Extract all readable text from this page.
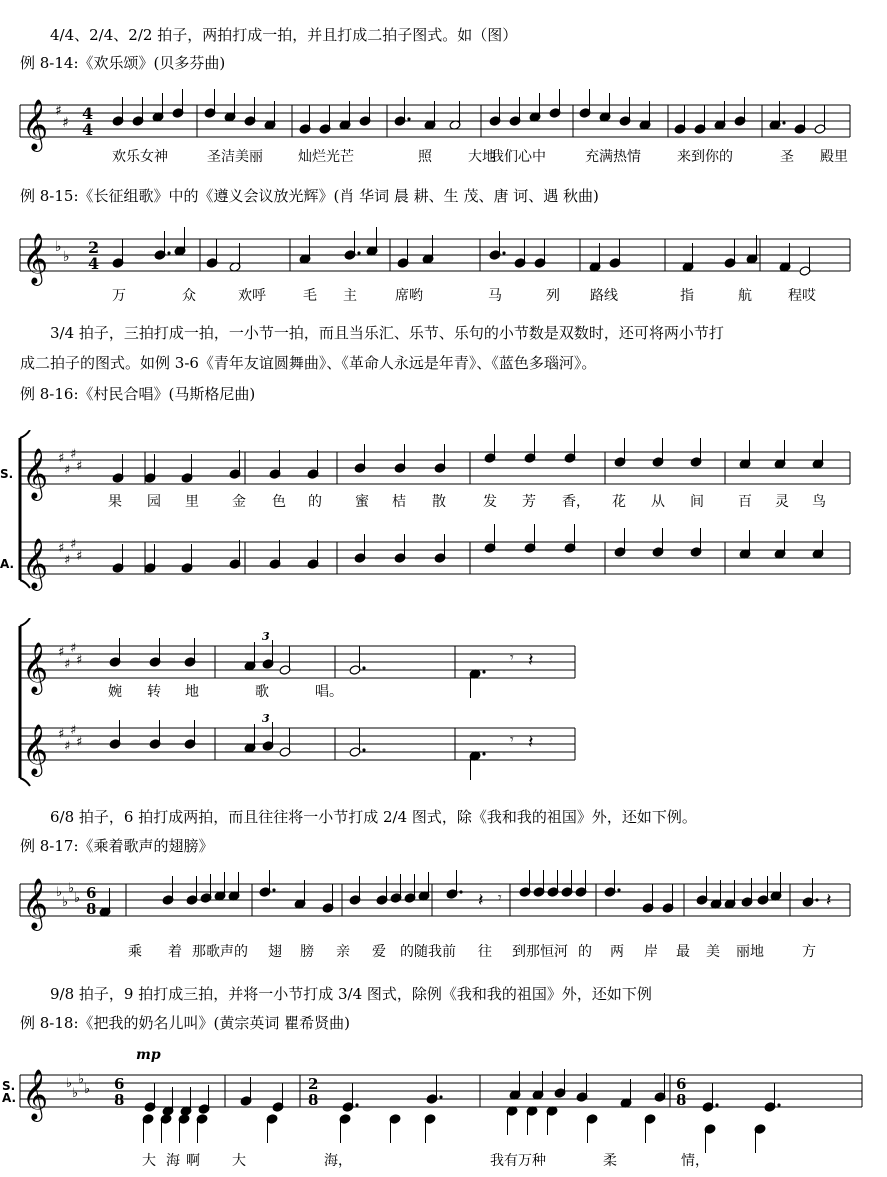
4/4、2/4、2/2 拍子，两拍打成一拍，并且打成二拍子图式。如（图）
例 8-14:《欢乐颂》(贝多芬曲)
𝄞 ♯
♯ 4
4
欢乐女神	圣洁美丽	灿烂光芒	照	大地
我们心中	充满热情	来到你的	圣 殿里
例 8-15:《长征组歌》中的《遵义会议放光辉》(肖 华词 晨 耕、生 茂、唐 诃、遇 秋曲)
𝄞 ♭
♭ 2
4
万	众	欢呼	毛 主	席哟	马	列 路线	指	航	程哎
3/4 拍子，三拍打成一拍，一小节一拍，而且当乐汇、乐节、乐句的小节数是双数时，还可将两小节打
成二拍子的图式。如例 3-6《青年友谊圆舞曲》、《革命人永远是年青》、《蓝色多瑙河》。
例 8-16:《村民合唱》(马斯格尼曲)
S.
A.
𝄞 ♯
♯
♯
♯
𝄞 ♯
♯
♯
♯
果 园 里 金 色 的 蜜 桔 散	发 芳 香， 花 从 间 百 灵 鸟
3
3
𝄞 ♯
♯
♯
♯
𝄞 ♯
♯
♯
♯
𝄾 𝄽
𝄾 𝄽
婉 转 地	歌	唱。
6/8 拍子，6 拍打成两拍，而且往往将一小节打成 2/4 图式，除《我和我的祖国》外，还如下例。
例 8-17:《乘着歌声的翅膀》
𝄞 ♭
♭
♭
♭ 6
8	𝄽 𝄾	𝄽
乘 着 那歌声的 翅 膀 亲 爱 的随我前 往 到那恒河 的 两 岸 最 美 丽地	方
9/8 拍子，9 拍打成三拍，并将一小节打成 3/4 图式，除例《我和我的祖国》外，还如下例
例 8-18:《把我的奶名儿叫》(黄宗英词 瞿希贤曲)
𝄞 ♭
♭
♭
♭ 6
8
2
8
6
8
mp
S.
A.
大 海 啊 大	海，	我有万种	柔	情，
